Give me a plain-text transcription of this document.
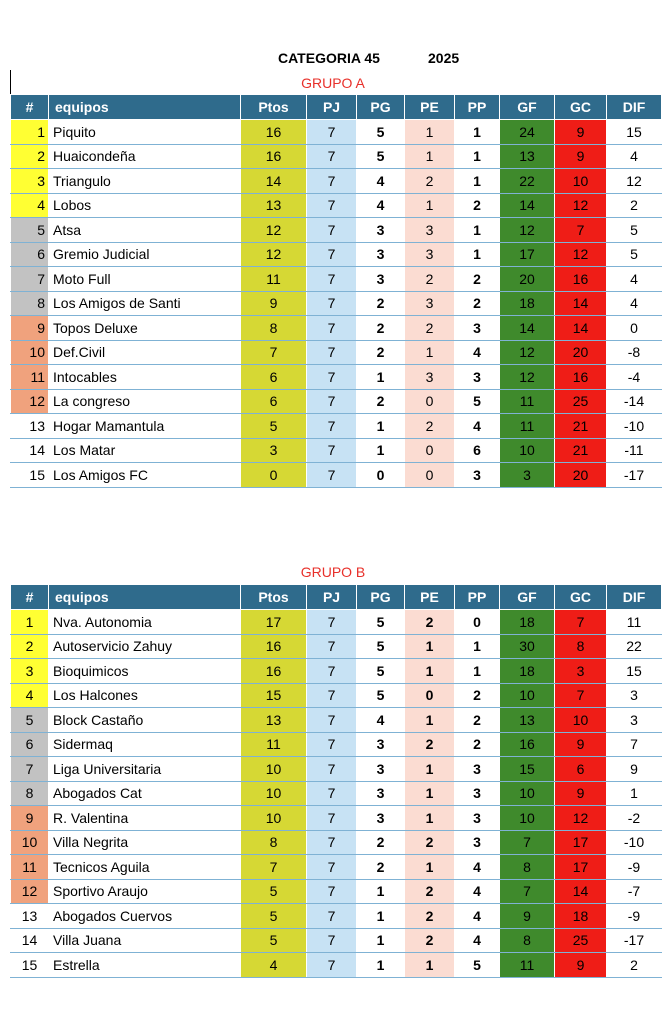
CATEGORIA 45	2025
GRUPO A
#	equipos	Ptos	PJ	PG	PE	PP	GF	GC	DIF
1	Piquito	16	7	5	1	1	24	9	15
2	Huaicondeña	16	7	5	1	1	13	9	4
3	Triangulo	14	7	4	2	1	22	10	12
4	Lobos	13	7	4	1	2	14	12	2
5	Atsa	12	7	3	3	1	12	7	5
6	Gremio Judicial	12	7	3	3	1	17	12	5
7	Moto Full	11	7	3	2	2	20	16	4
8	Los Amigos de Santi	9	7	2	3	2	18	14	4
9	Topos Deluxe	8	7	2	2	3	14	14	0
10	Def.Civil	7	7	2	1	4	12	20	-8
11	Intocables	6	7	1	3	3	12	16	-4
12	La congreso	6	7	2	0	5	11	25	-14
13	Hogar Mamantula	5	7	1	2	4	11	21	-10
14	Los Matar	3	7	1	0	6	10	21	-11
15	Los Amigos FC	0	7	0	0	3	3	20	-17
GRUPO B
#	equipos	Ptos	PJ	PG	PE	PP	GF	GC	DIF
1	Nva. Autonomia	17	7	5	2	0	18	7	11
2	Autoservicio Zahuy	16	7	5	1	1	30	8	22
3	Bioquimicos	16	7	5	1	1	18	3	15
4	Los Halcones	15	7	5	0	2	10	7	3
5	Block Castaño	13	7	4	1	2	13	10	3
6	Sidermaq	11	7	3	2	2	16	9	7
7	Liga Universitaria	10	7	3	1	3	15	6	9
8	Abogados Cat	10	7	3	1	3	10	9	1
9	R. Valentina	10	7	3	1	3	10	12	-2
10	Villa Negrita	8	7	2	2	3	7	17	-10
11	Tecnicos Aguila	7	7	2	1	4	8	17	-9
12	Sportivo Araujo	5	7	1	2	4	7	14	-7
13	Abogados Cuervos	5	7	1	2	4	9	18	-9
14	Villa Juana	5	7	1	2	4	8	25	-17
15	Estrella	4	7	1	1	5	11	9	2
